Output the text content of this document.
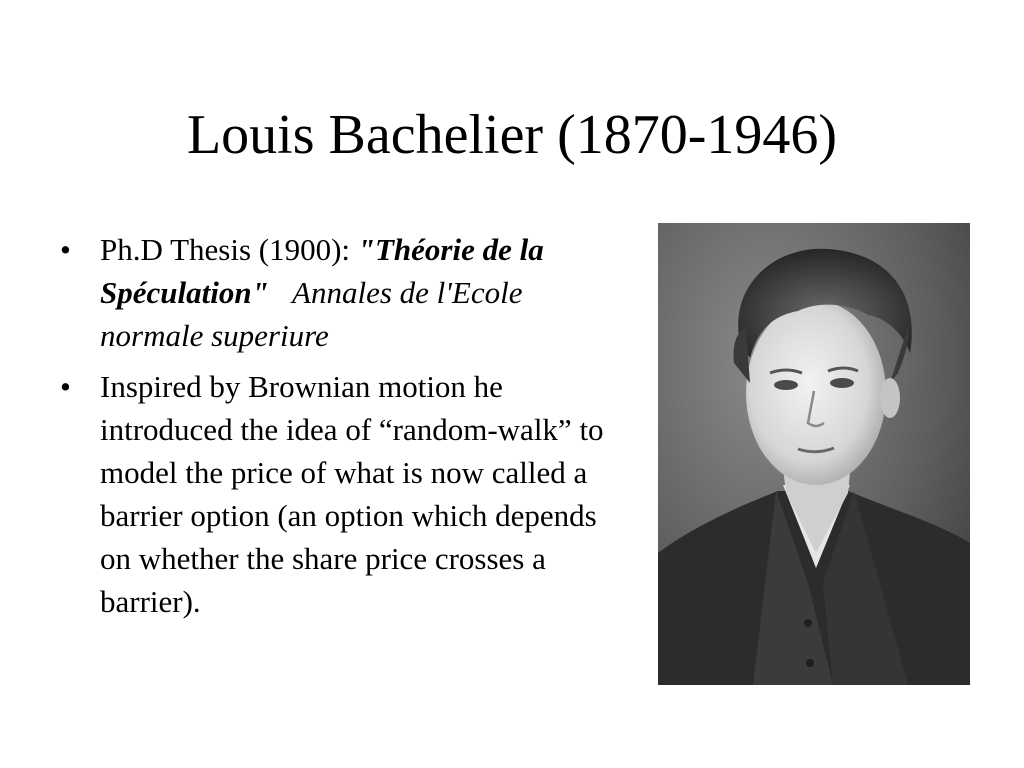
Louis Bachelier (1870-1946)
• Ph.D Thesis (1900): "Théorie de la Spéculation" Annales de l'Ecole normale superiure
• Inspired by Brownian motion he introduced the idea of “random-walk” to model the price of what is now called a barrier option (an option which depends on whether the share price crosses a barrier).
